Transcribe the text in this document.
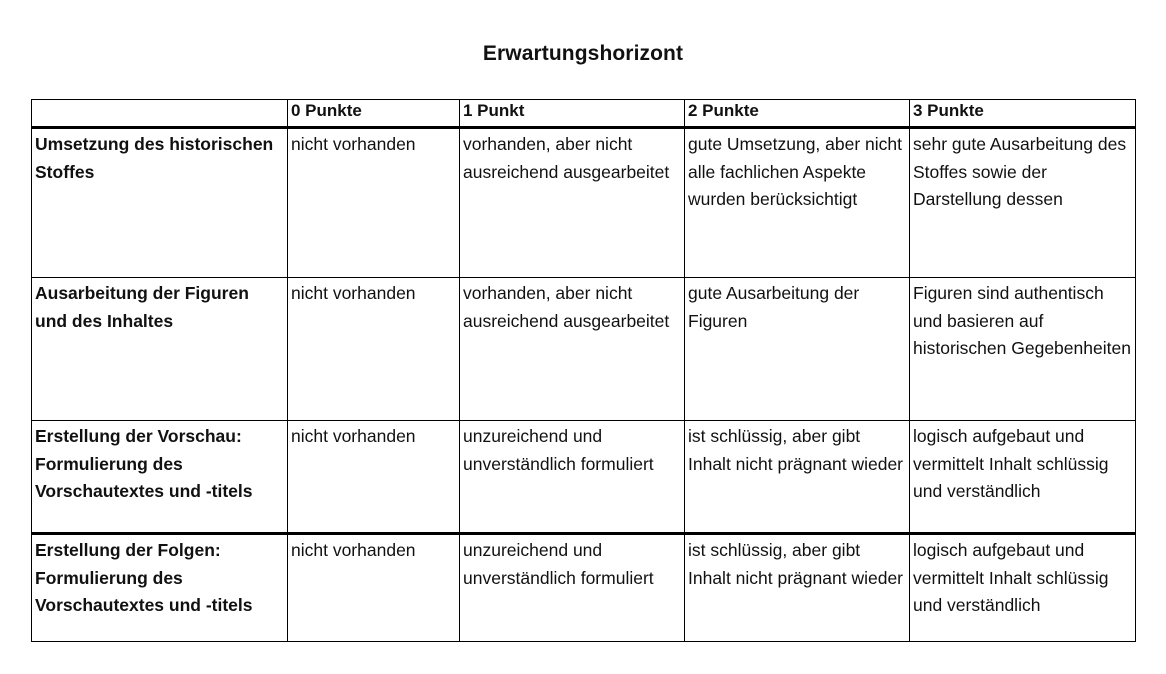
Erwartungshorizont
	0 Punkte	1 Punkt	2 Punkte	3 Punkte
Umsetzung des historischen Stoffes	nicht vorhanden	vorhanden, aber nicht ausreichend ausgearbeitet	gute Umsetzung, aber nicht alle fachlichen Aspekte wurden berücksichtigt	sehr gute Ausarbeitung des Stoffes sowie der Darstellung dessen
Ausarbeitung der Figuren und des Inhaltes	nicht vorhanden	vorhanden, aber nicht ausreichend ausgearbeitet	gute Ausarbeitung der Figuren	Figuren sind authentisch und basieren auf historischen Gegebenheiten
Erstellung der Vorschau: Formulierung des Vorschautextes und -titels	nicht vorhanden	unzureichend und unverständlich formuliert	ist schlüssig, aber gibt Inhalt nicht prägnant wieder	logisch aufgebaut und vermittelt Inhalt schlüssig und verständlich
Erstellung der Folgen: Formulierung des Vorschautextes und -titels	nicht vorhanden	unzureichend und unverständlich formuliert	ist schlüssig, aber gibt Inhalt nicht prägnant wieder	logisch aufgebaut und vermittelt Inhalt schlüssig und verständlich
